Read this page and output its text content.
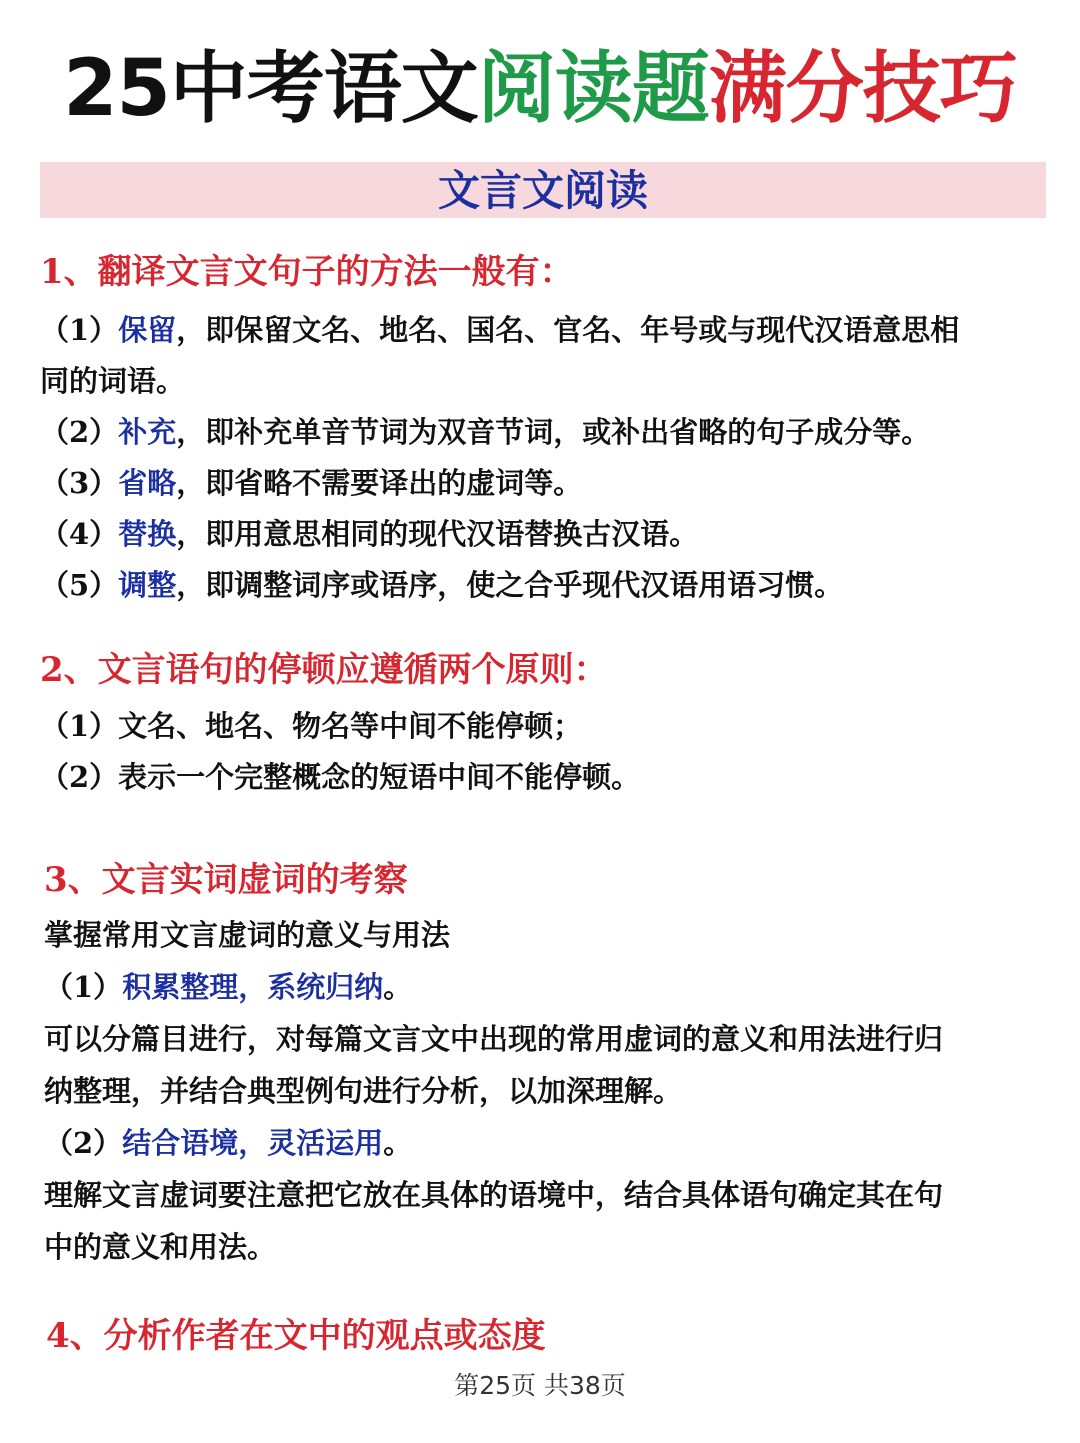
25中考语文阅读题满分技巧
文言文阅读
1、翻译文言文句子的方法一般有：
（1）保留，即保留文名、地名、国名、官名、年号或与现代汉语意思相
同的词语。
（2）补充，即补充单音节词为双音节词，或补出省略的句子成分等。
（3）省略，即省略不需要译出的虚词等。
（4）替换，即用意思相同的现代汉语替换古汉语。
（5）调整，即调整词序或语序，使之合乎现代汉语用语习惯。
2、文言语句的停顿应遵循两个原则：
（1）文名、地名、物名等中间不能停顿；
（2）表示一个完整概念的短语中间不能停顿。
3、文言实词虚词的考察
掌握常用文言虚词的意义与用法
（1）积累整理，系统归纳。
可以分篇目进行，对每篇文言文中出现的常用虚词的意义和用法进行归
纳整理，并结合典型例句进行分析，以加深理解。
（2）结合语境，灵活运用。
理解文言虚词要注意把它放在具体的语境中，结合具体语句确定其在句
中的意义和用法。
4、分析作者在文中的观点或态度
第25页 共38页
